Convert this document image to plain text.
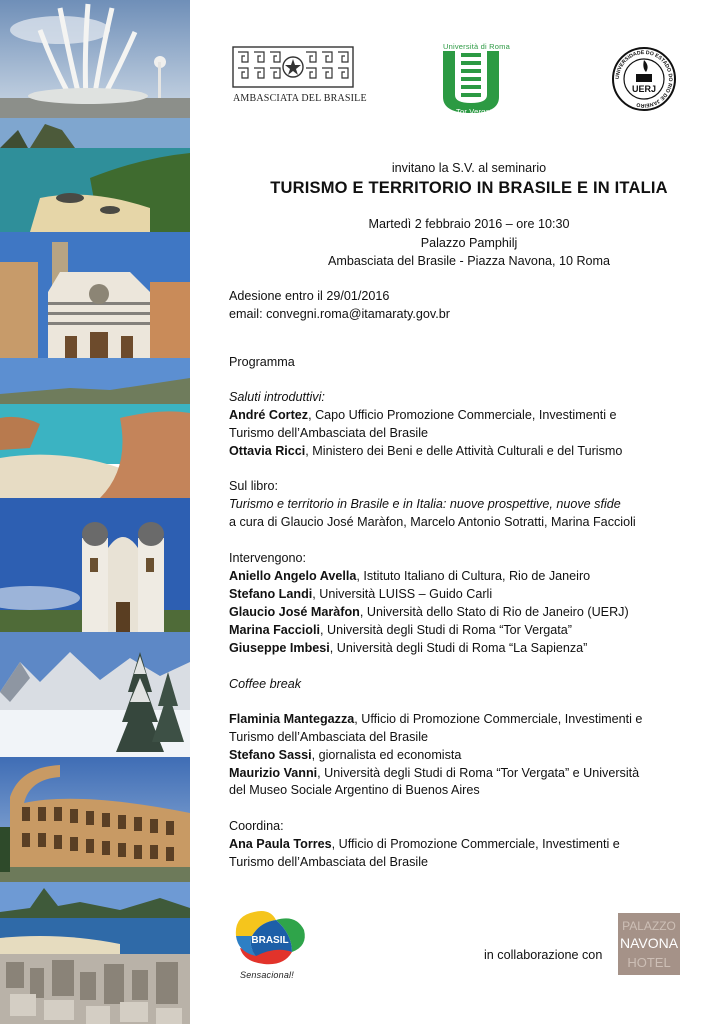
AMBASCIATA DEL BRASILE
Università di Roma
Tor Vergata
UERJ
UNIVERSIDADE DO ESTADO DO RIO DE JANEIRO
invitano la S.V. al seminario
TURISMO E TERRITORIO IN BRASILE E IN ITALIA
Martedì 2 febbraio 2016 – ore 10:30
Palazzo Pamphilj
Ambasciata del Brasile - Piazza Navona, 10 Roma
Adesione entro il 29/01/2016
email: convegni.roma@itamaraty.gov.br
Programma
Saluti introduttivi:
André Cortez, Capo Ufficio Promozione Commerciale, Investimenti e
Turismo dell’Ambasciata del Brasile
Ottavia Ricci, Ministero dei Beni e delle Attività Culturali e del Turismo
Sul libro:
Turismo e territorio in Brasile e in Italia: nuove prospettive, nuove sfide
a cura di Glaucio José Maràfon, Marcelo Antonio Sotratti, Marina Faccioli
Intervengono:
Aniello Angelo Avella, Istituto Italiano di Cultura, Rio de Janeiro
Stefano Landi, Università LUISS – Guido Carli
Glaucio José Maràfon, Università dello Stato di Rio de Janeiro (UERJ)
Marina Faccioli, Università degli Studi di Roma “Tor Vergata”
Giuseppe Imbesi, Università degli Studi di Roma “La Sapienza”
Coffee break
Flaminia Mantegazza, Ufficio di Promozione Commerciale, Investimenti e
Turismo dell’Ambasciata del Brasile
Stefano Sassi, giornalista ed economista
Maurizio Vanni, Università degli Studi di Roma “Tor Vergata” e Università
del Museo Sociale Argentino di Buenos Aires
Coordina:
Ana Paula Torres, Ufficio di Promozione Commerciale, Investimenti e
Turismo dell’Ambasciata del Brasile
BRASIL
Sensacional!
in collaborazione con
PALAZZO
NAVONA
HOTEL
